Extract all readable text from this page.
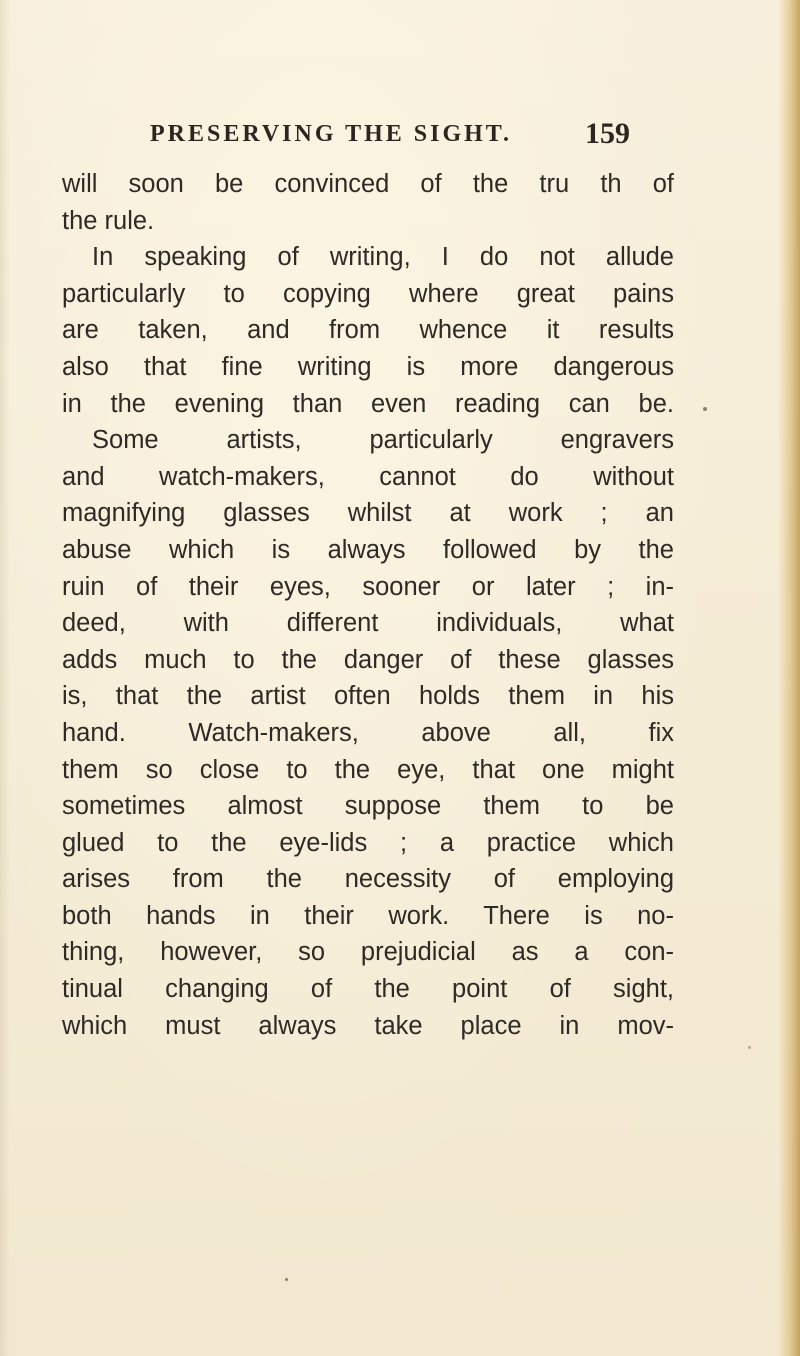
PRESERVING THE SIGHT. 159
will soon be convinced of the tru th of
the rule.
In speaking of writing, I do not allude
particularly to copying where great pains
are taken, and from whence it results
also that fine writing is more dangerous
in the evening than even reading can be.
Some artists, particularly engravers
and watch-makers, cannot do without
magnifying glasses whilst at work ; an
abuse which is always followed by the
ruin of their eyes, sooner or later ; in-
deed, with different individuals, what
adds much to the danger of these glasses
is, that the artist often holds them in his
hand. Watch-makers, above all, fix
them so close to the eye, that one might
sometimes almost suppose them to be
glued to the eye-lids ; a practice which
arises from the necessity of employing
both hands in their work. There is no-
thing, however, so prejudicial as a con-
tinual changing of the point of sight,
which must always take place in mov-
